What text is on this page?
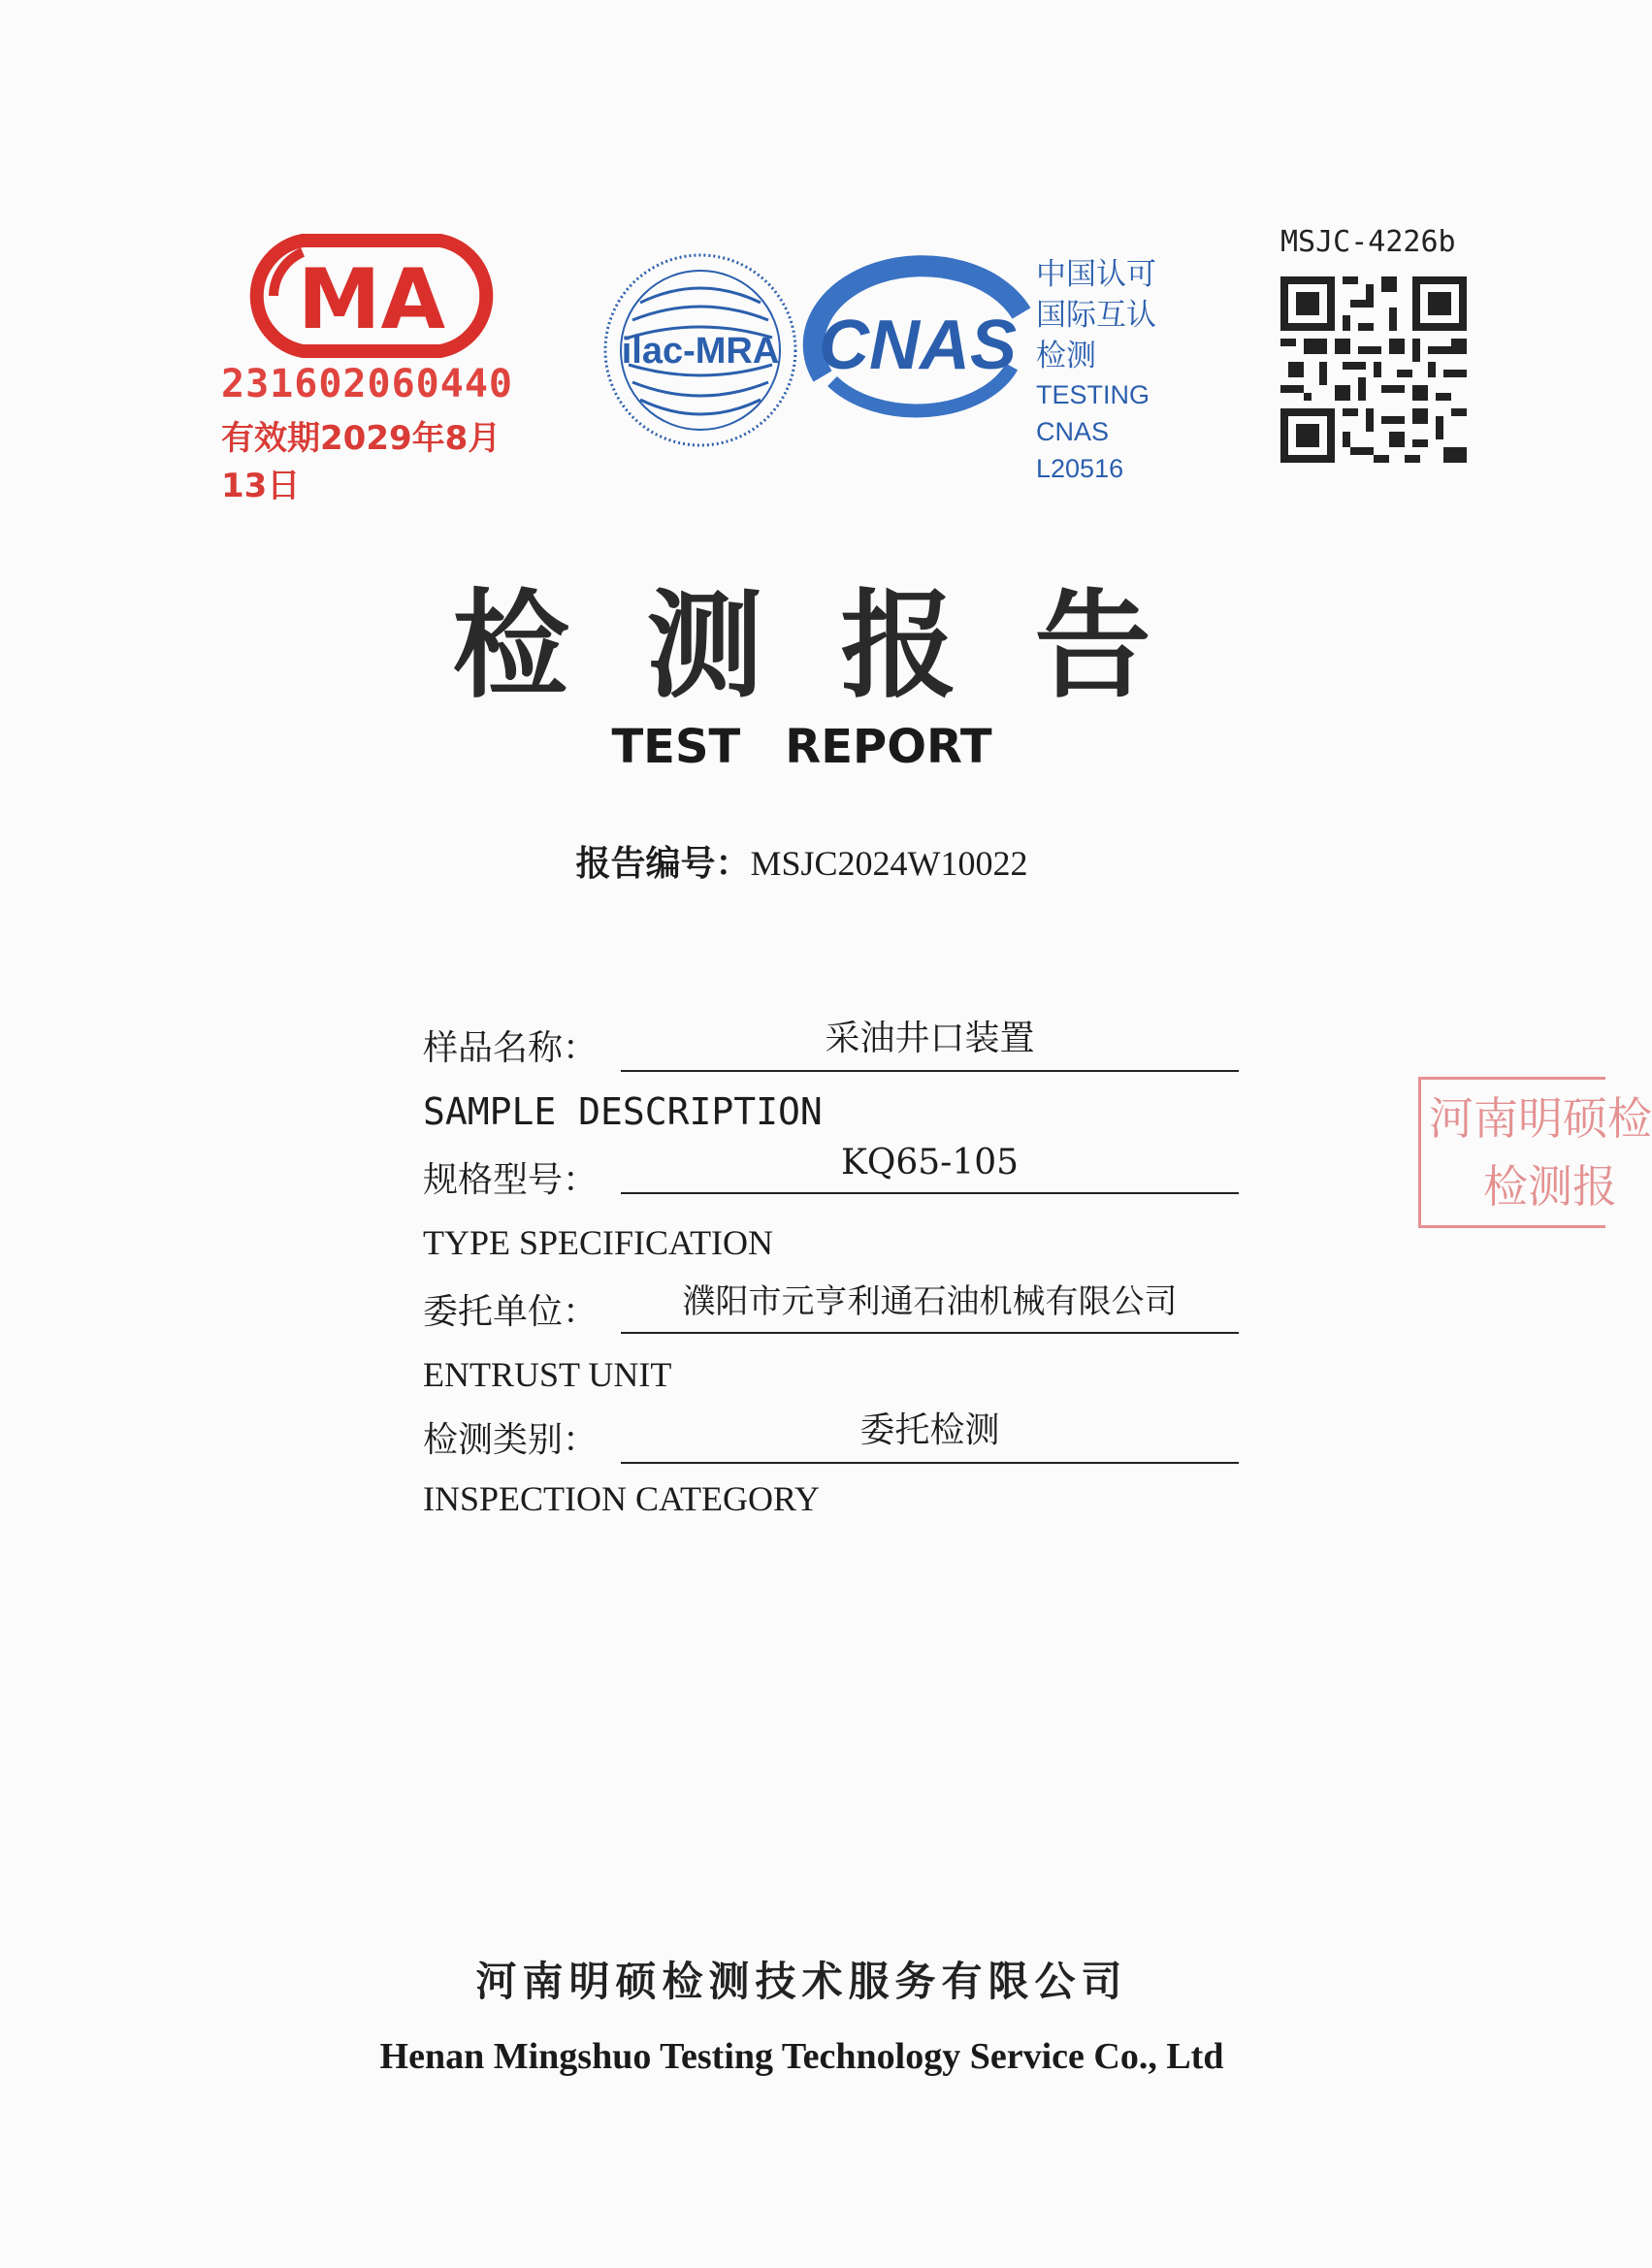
MA
231602060440
有效期2029年8月13日
ilac-MRA CNAS
中国认可
国际互认
检测
TESTING
CNAS L20516
MSJC-4226b
检测报告
TEST REPORT
报告编号：MSJC2024W10022
样品名称：	采油井口装置
SAMPLE DESCRIPTION
规格型号：	KQ65-105
TYPE SPECIFICATION
委托单位：	濮阳市元亨利通石油机械有限公司
ENTRUST UNIT
检测类别：	委托检测
INSPECTION CATEGORY
河南明硕检
检测报
河南明硕检测技术服务有限公司
Henan Mingshuo Testing Technology Service Co., Ltd
